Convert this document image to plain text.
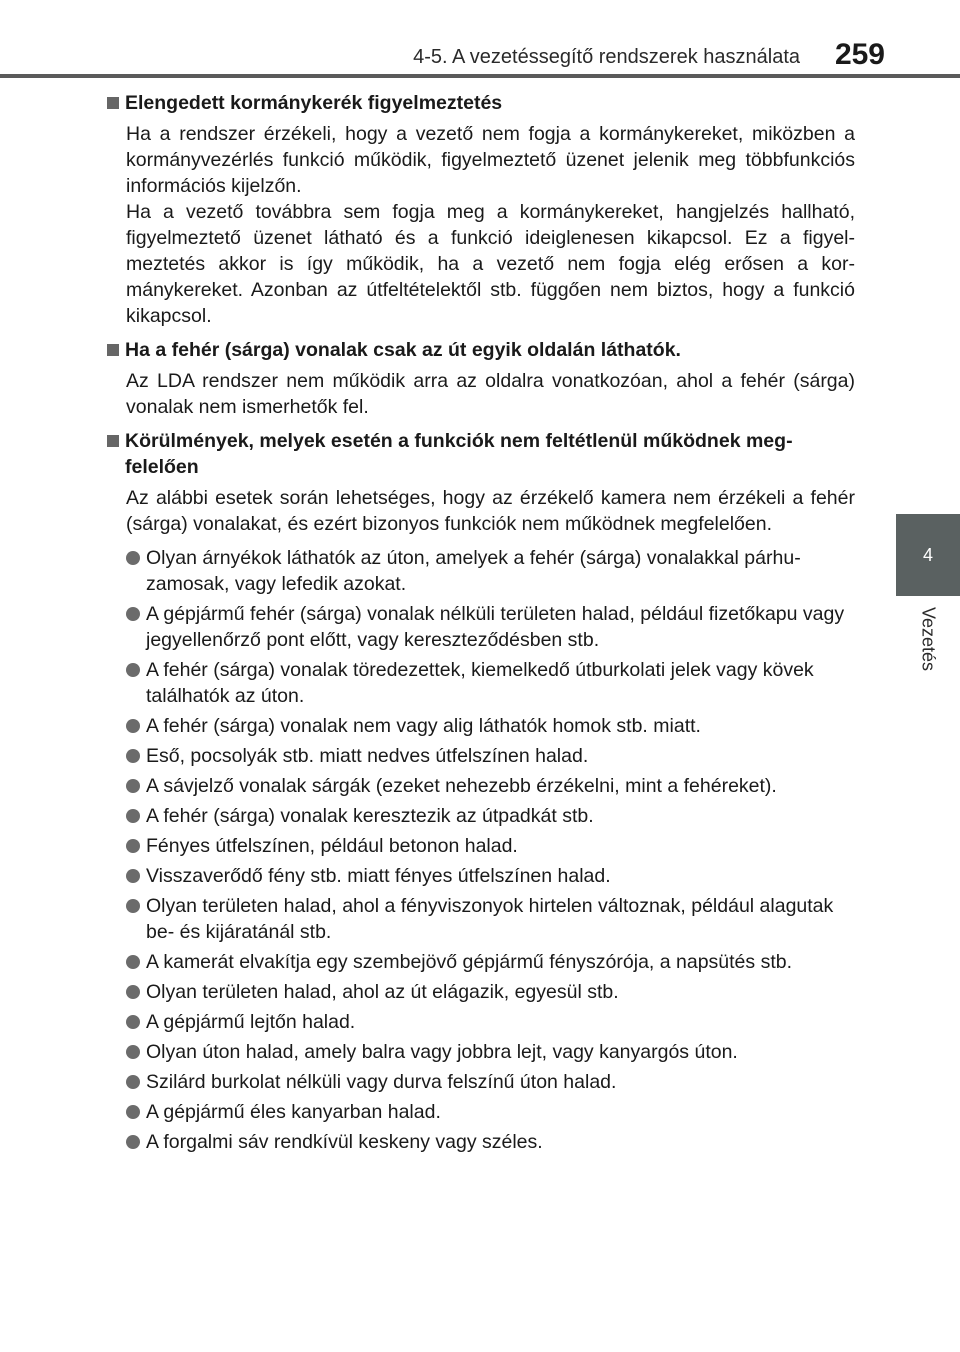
4-5. A vezetéssegítő rendszerek használata 259
4
Vezetés
Elengedett kormánykerék figyelmeztetés
Ha a rendszer érzékeli, hogy a vezető nem fogja a kormánykereket, miközben a kormányvezérlés funkció működik, figyelmeztető üzenet jelenik meg többfunkciós információs kijelzőn.
Ha a vezető továbbra sem fogja meg a kormánykereket, hangjelzés hallható, figyelmeztető üzenet látható és a funkció ideiglenesen kikapcsol. Ez a figyelmeztetés akkor is így működik, ha a vezető nem fogja elég erősen a kormánykereket. Azonban az útfeltételektől stb. függően nem biztos, hogy a funkció kikapcsol.
Ha a fehér (sárga) vonalak csak az út egyik oldalán láthatók.
Az LDA rendszer nem működik arra az oldalra vonatkozóan, ahol a fehér (sárga) vonalak nem ismerhetők fel.
Körülmények, melyek esetén a funkciók nem feltétlenül működnek megfelelően
Az alábbi esetek során lehetséges, hogy az érzékelő kamera nem érzékeli a fehér (sárga) vonalakat, és ezért bizonyos funkciók nem működnek megfelelően.
Olyan árnyékok láthatók az úton, amelyek a fehér (sárga) vonalakkal párhuzamosak, vagy lefedik azokat.
A gépjármű fehér (sárga) vonalak nélküli területen halad, például fizetőkapu vagy jegyellenőrző pont előtt, vagy kereszteződésben stb.
A fehér (sárga) vonalak töredezettek, kiemelkedő útburkolati jelek vagy kövek találhatók az úton.
A fehér (sárga) vonalak nem vagy alig láthatók homok stb. miatt.
Eső, pocsolyák stb. miatt nedves útfelszínen halad.
A sávjelző vonalak sárgák (ezeket nehezebb érzékelni, mint a fehéreket).
A fehér (sárga) vonalak keresztezik az útpadkát stb.
Fényes útfelszínen, például betonon halad.
Visszaverődő fény stb. miatt fényes útfelszínen halad.
Olyan területen halad, ahol a fényviszonyok hirtelen változnak, például alagutak be- és kijáratánál stb.
A kamerát elvakítja egy szembejövő gépjármű fényszórója, a napsütés stb.
Olyan területen halad, ahol az út elágazik, egyesül stb.
A gépjármű lejtőn halad.
Olyan úton halad, amely balra vagy jobbra lejt, vagy kanyargós úton.
Szilárd burkolat nélküli vagy durva felszínű úton halad.
A gépjármű éles kanyarban halad.
A forgalmi sáv rendkívül keskeny vagy széles.
